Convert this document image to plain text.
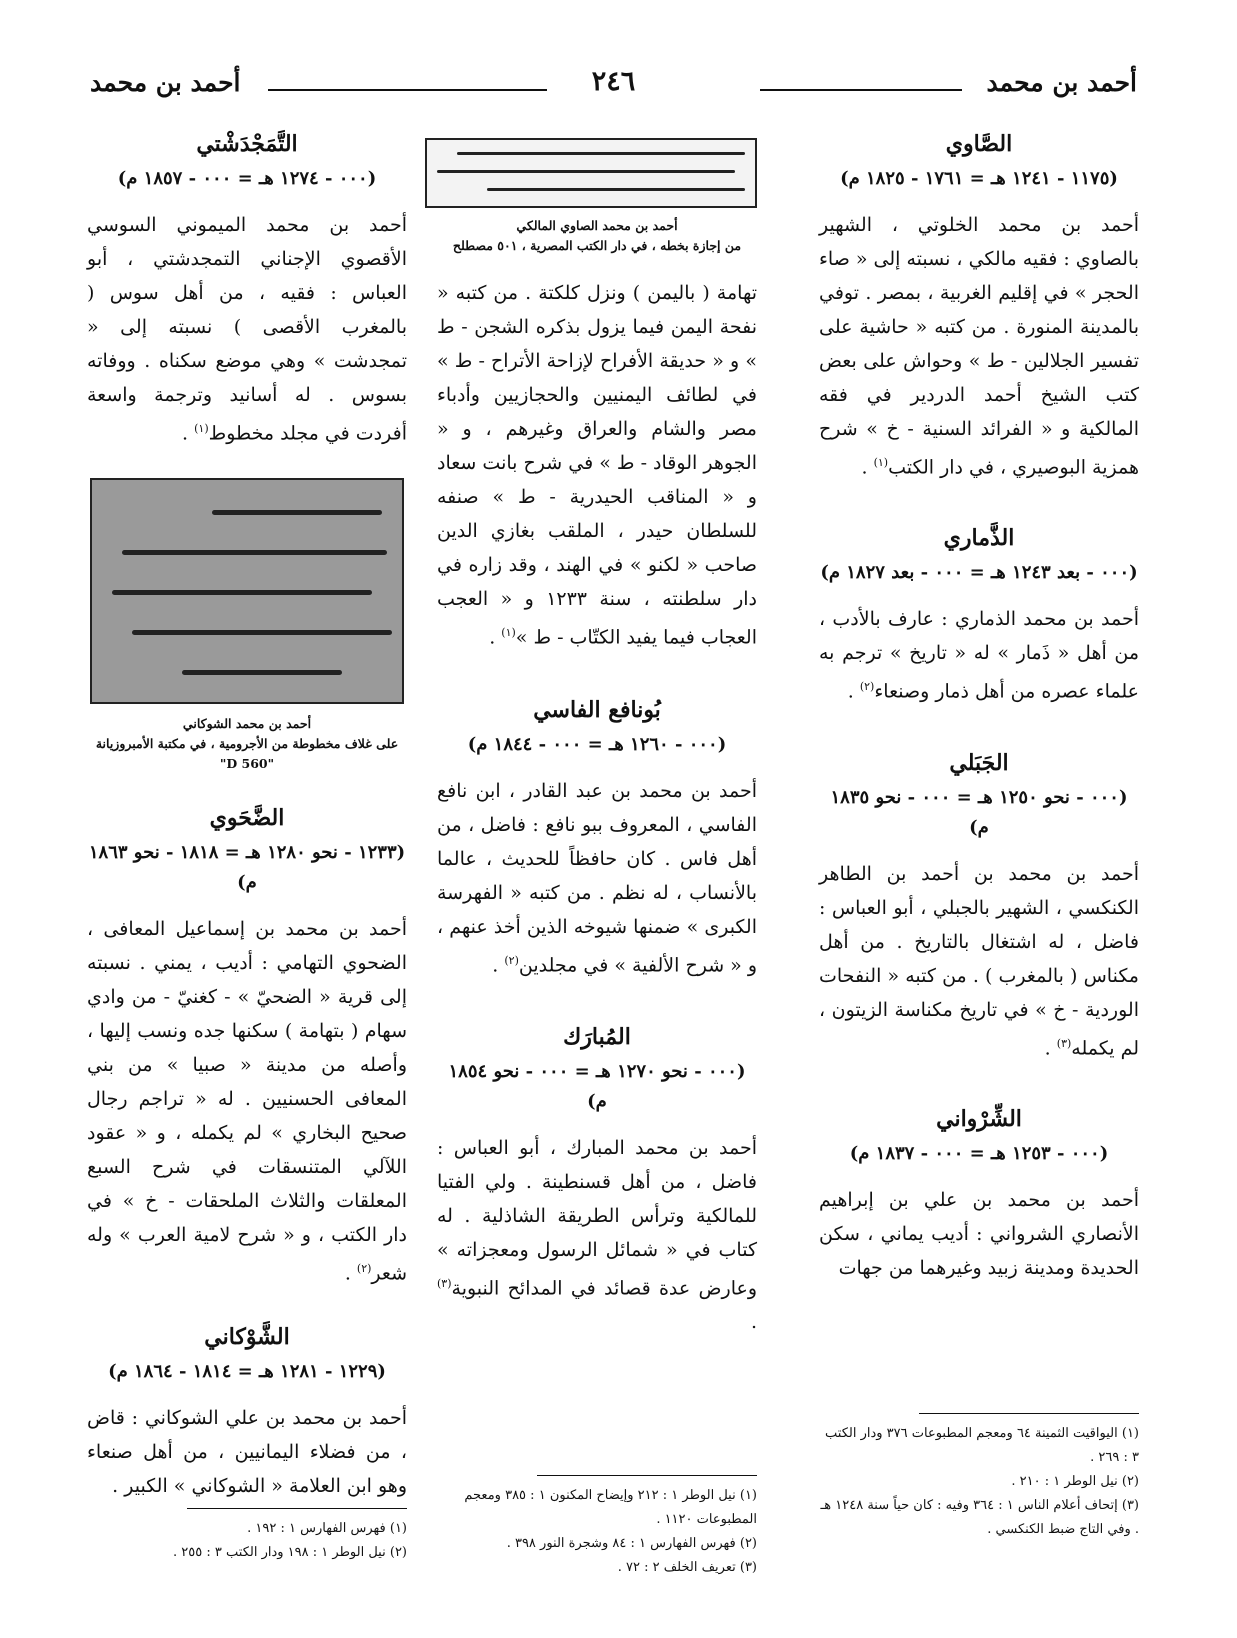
أحمد بن محمد
٢٤٦
أحمد بن محمد
الصَّاوي
(١١٧٥ - ١٢٤١ هـ = ١٧٦١ - ١٨٢٥ م)

أحمد بن محمد الخلوتي ، الشهير بالصاوي : فقيه مالكي ، نسبته إلى « صاء الحجر » في إقليم الغربية ، بمصر . توفي بالمدينة المنورة . من كتبه « حاشية على تفسير الجلالين - ط » وحواش على بعض كتب الشيخ أحمد الدردير في فقه المالكية و « الفرائد السنية - خ » شرح همزية البوصيري ، في دار الكتب$^{(١)}$ .

الذَّماري
(٠٠٠ - بعد ١٢٤٣ هـ = ٠٠٠ - بعد ١٨٢٧ م)

أحمد بن محمد الذماري : عارف بالأدب ، من أهل « ذَمار » له « تاريخ » ترجم به علماء عصره من أهل ذمار وصنعاء$^{(٢)}$ .

الجَبَلي
(٠٠٠ - نحو ١٢٥٠ هـ = ٠٠٠ - نحو ١٨٣٥ م)

أحمد بن محمد بن أحمد بن الطاهر الكنكسي ، الشهير بالجبلي ، أبو العباس : فاضل ، له اشتغال بالتاريخ . من أهل مكناس ( بالمغرب ) . من كتبه « النفحات الوردية - خ » في تاريخ مكناسة الزيتون ، لم يكمله$^{(٣)}$ .

الشِّرْواني
(٠٠٠ - ١٢٥٣ هـ = ٠٠٠ - ١٨٣٧ م)

أحمد بن محمد بن علي بن إبراهيم الأنصاري الشرواني : أديب يماني ، سكن الحديدة ومدينة زبيد وغيرهما من جهات

(١) اليواقيت الثمينة ٦٤ ومعجم المطبوعات ٣٧٦ ودار الكتب ٣ : ٢٦٩ .
(٢) نيل الوطر ١ : ٢١٠ .
(٣) إتحاف أعلام الناس ١ : ٣٦٤ وفيه : كان حياً سنة ١٢٤٨ هـ . وفي التاج ضبط الكنكسي .
أحمد بن محمد الصاوي المالكي
من إجازة بخطه ، في دار الكتب المصرية ، ٥٠١ مصطلح

تهامة ( باليمن ) ونزل كلكتة . من كتبه « نفحة اليمن فيما يزول بذكره الشجن - ط » و « حديقة الأفراح لإزاحة الأتراح - ط » في لطائف اليمنيين والحجازيين وأدباء مصر والشام والعراق وغيرهم ، و « الجوهر الوقاد - ط » في شرح بانت سعاد و « المناقب الحيدرية - ط » صنفه للسلطان حيدر ، الملقب بغازي الدين صاحب « لكنو » في الهند ، وقد زاره في دار سلطنته ، سنة ١٢٣٣ و « العجب العجاب فيما يفيد الكتّاب - ط »$^{(١)}$ .

بُونافع الفاسي
(٠٠٠ - ١٢٦٠ هـ = ٠٠٠ - ١٨٤٤ م)

أحمد بن محمد بن عبد القادر ، ابن نافع الفاسي ، المعروف ببو نافع : فاضل ، من أهل فاس . كان حافظاً للحديث ، عالما بالأنساب ، له نظم . من كتبه « الفهرسة الكبرى » ضمنها شيوخه الذين أخذ عنهم ، و « شرح الألفية » في مجلدين$^{(٢)}$ .

المُبارَك
(٠٠٠ - نحو ١٢٧٠ هـ = ٠٠٠ - نحو ١٨٥٤ م)

أحمد بن محمد المبارك ، أبو العباس : فاضل ، من أهل قسنطينة . ولي الفتيا للمالكية وترأس الطريقة الشاذلية . له كتاب في « شمائل الرسول ومعجزاته » وعارض عدة قصائد في المدائح النبوية$^{(٣)}$ .

(١) نيل الوطر ١ : ٢١٢ وإيضاح المكنون ١ : ٣٨٥ ومعجم المطبوعات ١١٢٠ .
(٢) فهرس الفهارس ١ : ٨٤ وشجرة النور ٣٩٨ .
(٣) تعريف الخلف ٢ : ٧٢ .
التَّمَجْدَشْتي
(٠٠٠ - ١٢٧٤ هـ = ٠٠٠ - ١٨٥٧ م)

أحمد بن محمد الميموني السوسي الأقصوي الإجناني التمجدشتي ، أبو العباس : فقيه ، من أهل سوس ( بالمغرب الأقصى ) نسبته إلى « تمجدشت » وهي موضع سكناه . ووفاته بسوس . له أسانيد وترجمة واسعة أفردت في مجلد مخطوط$^{(١)}$ .

أحمد بن محمد الشوكاني
على غلاف مخطوطة من الأجرومية ، في مكتبة الأمبروزيانة "D 560"
الضَّحَوي
(١٢٣٣ - نحو ١٢٨٠ هـ = ١٨١٨ - نحو ١٨٦٣ م)

أحمد بن محمد بن إسماعيل المعافى ، الضحوي التهامي : أديب ، يمني . نسبته إلى قرية « الضحيّ » - كغنيّ - من وادي سهام ( بتهامة ) سكنها جده ونسب إليها ، وأصله من مدينة « صبيا » من بني المعافى الحسنيين . له « تراجم رجال صحيح البخاري » لم يكمله ، و « عقود اللآلي المتنسقات في شرح السبع المعلقات والثلاث الملحقات - خ » في دار الكتب ، و « شرح لامية العرب » وله شعر$^{(٢)}$ .

الشَّوْكاني
(١٢٢٩ - ١٢٨١ هـ = ١٨١٤ - ١٨٦٤ م)

أحمد بن محمد بن علي الشوكاني : قاض ، من فضلاء اليمانيين ، من أهل صنعاء وهو ابن العلامة « الشوكاني » الكبير .

(١) فهرس الفهارس ١ : ١٩٢ .
(٢) نيل الوطر ١ : ١٩٨ ودار الكتب ٣ : ٢٥٥ .
